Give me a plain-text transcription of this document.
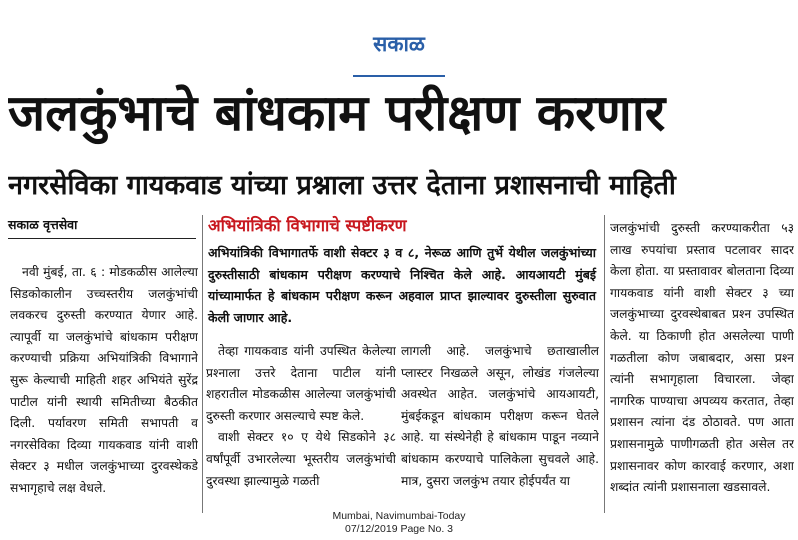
सकाळ
जलकुंभाचे बांधकाम परीक्षण करणार
नगरसेविका गायकवाड यांच्या प्रश्नाला उत्तर देताना प्रशासनाची माहिती
सकाळ वृत्तसेवा
नवी मुंबई, ता. ६ : मोडकळीस आलेल्या सिडकोकालीन उच्चस्तरीय जलकुंभांची लवकरच दुरुस्ती करण्यात येणार आहे. त्यापूर्वी या जलकुंभांचे बांधकाम परीक्षण करण्याची प्रक्रिया अभियांत्रिकी विभागाने सुरू केल्याची माहिती शहर अभियंते सुरेंद्र पाटील यांनी स्थायी समितीच्या बैठकीत दिली. पर्यावरण समिती सभापती व नगरसेविका दिव्या गायकवाड यांनी वाशी सेक्टर ३ मधील जलकुंभाच्या दुरवस्थेकडे सभागृहाचे लक्ष वेधले.
अभियांत्रिकी विभागाचे स्पष्टीकरण
अभियांत्रिकी विभागातर्फे वाशी सेक्टर ३ व ८, नेरूळ आणि तुर्भे येथील जलकुंभांच्या दुरुस्तीसाठी बांधकाम परीक्षण करण्याचे निश्‍चित केले आहे. आयआयटी मुंबई यांच्यामार्फत हे बांधकाम परीक्षण करून अहवाल प्राप्त झाल्यावर दुरुस्तीला सुरुवात केली जाणार आहे.

तेव्हा गायकवाड यांनी उपस्थित केलेल्या प्रश्‍नाला उत्तरे देताना पाटील यांनी शहरातील मोडकळीस आलेल्या जलकुंभांची दुरुस्ती करणार असल्याचे स्पष्ट केले.

वाशी सेक्टर १० ए येथे सिडकोने ३८ वर्षांपूर्वी उभारलेल्या भूस्तरीय जलकुंभांची दुरवस्था झाल्यामुळे गळती

लागली आहे. जलकुंभाचे छताखालील प्लास्टर निखळले असून, लोखंड गंजलेल्या अवस्थेत आहेत. जलकुंभांचे आयआयटी, मुंबईकडून बांधकाम परीक्षण करून घेतले आहे. या संस्थेनेही हे बांधकाम पाडून नव्याने बांधकाम करण्याचे पालिकेला सुचवले आहे. मात्र, दुसरा जलकुंभ तयार होईपर्यंत या
जलकुंभांची दुरुस्ती करण्याकरीता ५३ लाख रुपयांचा प्रस्ताव पटलावर सादर केला होता. या प्रस्तावावर बोलताना दिव्या गायकवाड यांनी वाशी सेक्टर ३ च्या जलकुंभाच्या दुरवस्थेबाबत प्रश्‍न उपस्थित केले. या ठिकाणी होत असलेल्या पाणी गळतीला कोण जबाबदार, असा प्रश्‍न त्यांनी सभागृहाला विचारला. जेव्हा नागरिक पाण्याचा अपव्यय करतात, तेव्हा प्रशासन त्यांना दंड ठोठावते. पण आता प्रशासनामुळे पाणीगळती होत असेल तर प्रशासनावर कोण कारवाई करणार, अशा शब्दांत त्यांनी प्रशासनाला खडसावले.
Mumbai, Navimumbai-Today
07/12/2019 Page No. 3
